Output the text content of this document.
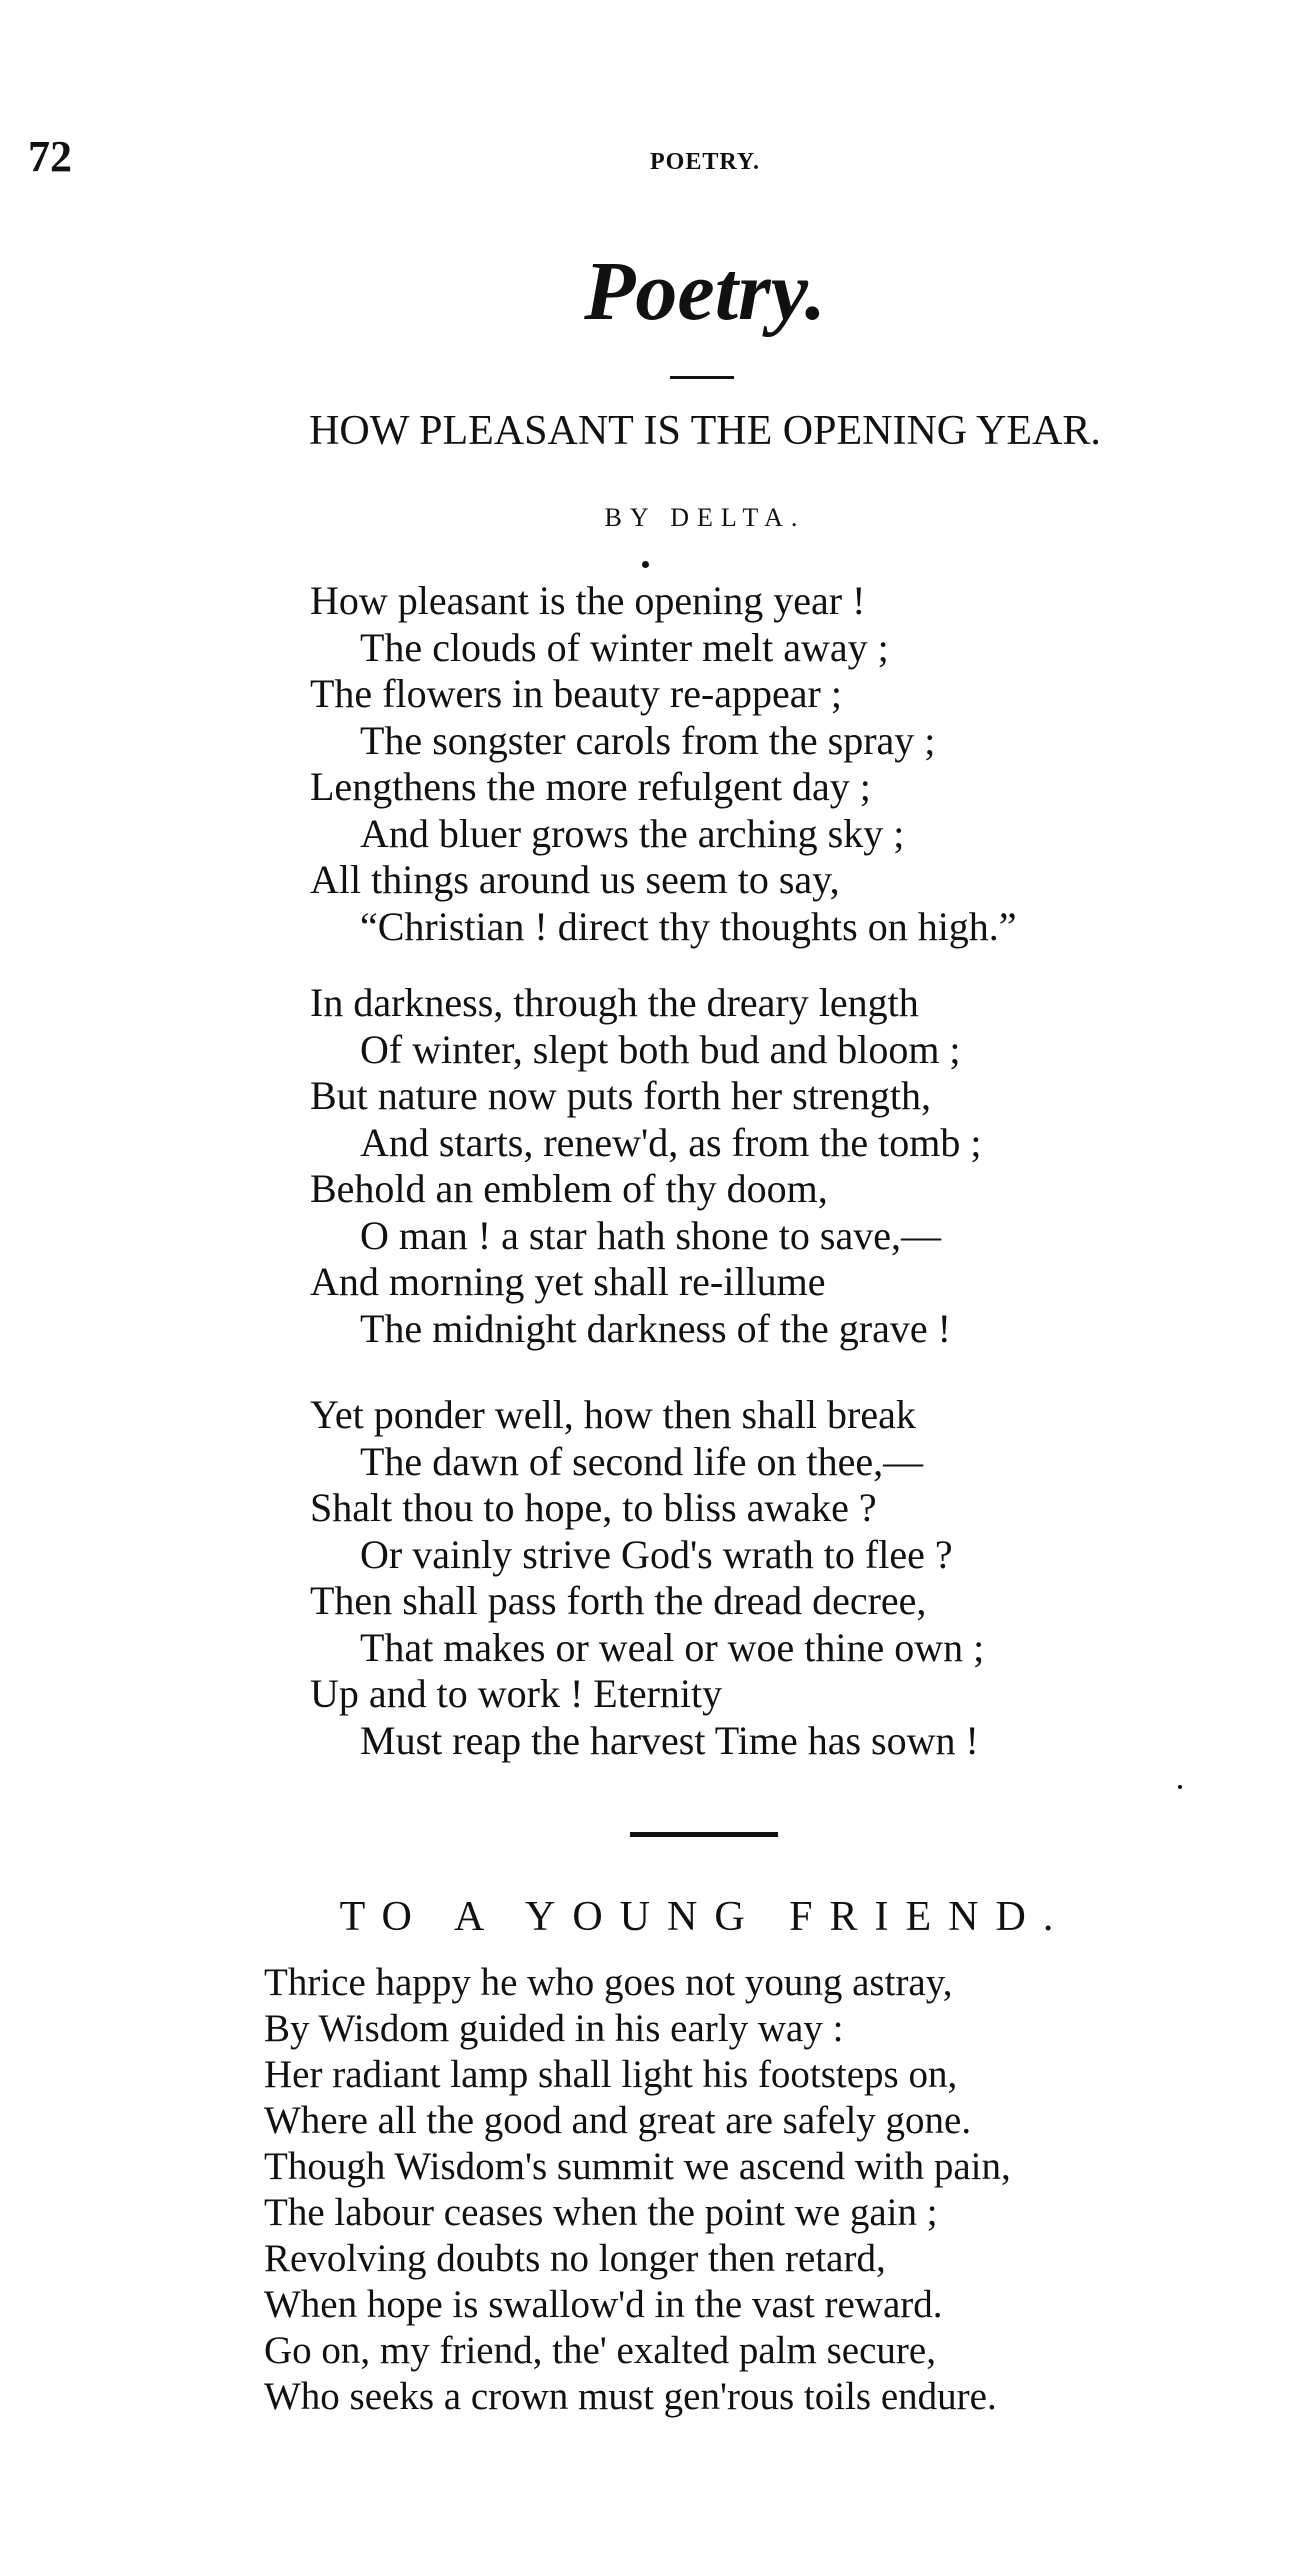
72	POETRY.
Poetry.
HOW PLEASANT IS THE OPENING YEAR.
BY DELTA.
How pleasant is the opening year !
The clouds of winter melt away ;
The flowers in beauty re-appear ;
The songster carols from the spray ;
Lengthens the more refulgent day ;
And bluer grows the arching sky ;
All things around us seem to say,
“Christian ! direct thy thoughts on high.”
In darkness, through the dreary length
Of winter, slept both bud and bloom ;
But nature now puts forth her strength,
And starts, renew'd, as from the tomb ;
Behold an emblem of thy doom,
O man ! a star hath shone to save,—
And morning yet shall re-illume
The midnight darkness of the grave !
Yet ponder well, how then shall break
The dawn of second life on thee,—
Shalt thou to hope, to bliss awake ?
Or vainly strive God's wrath to flee ?
Then shall pass forth the dread decree,
That makes or weal or woe thine own ;
Up and to work ! Eternity
Must reap the harvest Time has sown !
TO A YOUNG FRIEND.
Thrice happy he who goes not young astray,
By Wisdom guided in his early way :
Her radiant lamp shall light his footsteps on,
Where all the good and great are safely gone.
Though Wisdom's summit we ascend with pain,
The labour ceases when the point we gain ;
Revolving doubts no longer then retard,
When hope is swallow'd in the vast reward.
Go on, my friend, the' exalted palm secure,
Who seeks a crown must gen'rous toils endure.
